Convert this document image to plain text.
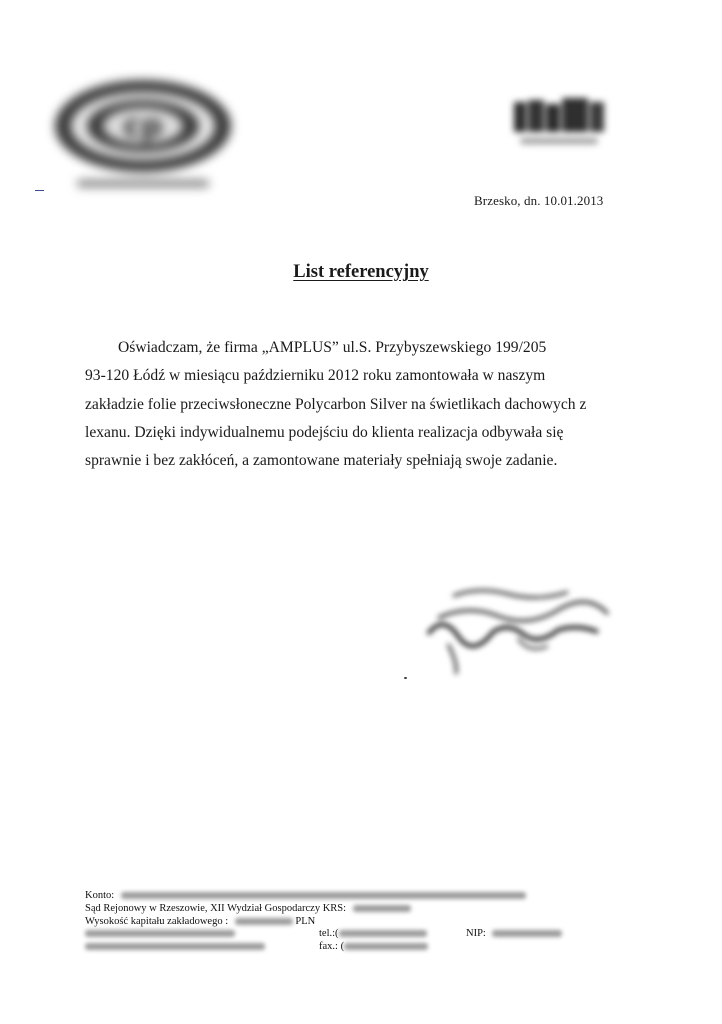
cp
Brzesko, dn. 10.01.2013
List referencyjny
Oświadczam, że firma „AMPLUS” ul.S. Przybyszewskiego 199/205
93-120 Łódź w miesiącu październiku 2012 roku zamontowała w naszym
zakładzie folie przeciwsłoneczne Polycarbon Silver na świetlikach dachowych z
lexanu. Dzięki indywidualnemu podejściu do klienta realizacja odbywała się
sprawnie i bez zakłóceń, a zamontowane materiały spełniają swoje zadanie.
Konto:
Sąd Rejonowy w Rzeszowie, XII Wydział Gospodarczy KRS:
Wysokość kapitału zakładowego :	PLN
tel.:(	NIP:
fax.: (
